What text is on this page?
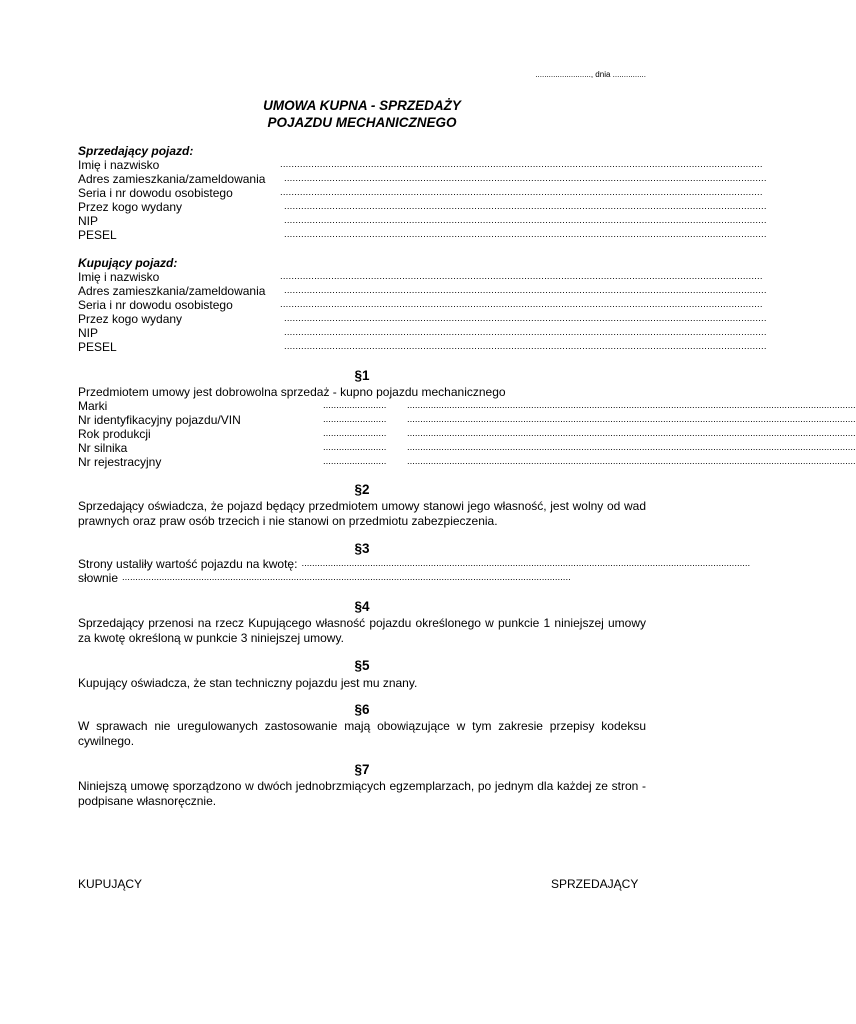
........................., dnia ...............
UMOWA KUPNA - SPRZEDAŻY
POJAZDU MECHANICZNEGO
Sprzedający pojazd:
Imię i nazwisko	..........................................................................................................................................................................
Adres zamieszkania/zameldowania	..........................................................................................................................................................................
Seria i nr dowodu osobistego	..........................................................................................................................................................................
Przez kogo wydany	..........................................................................................................................................................................
NIP	..........................................................................................................................................................................
PESEL	..........................................................................................................................................................................
Kupujący pojazd:
Imię i nazwisko	..........................................................................................................................................................................
Adres zamieszkania/zameldowania	..........................................................................................................................................................................
Seria i nr dowodu osobistego	..........................................................................................................................................................................
Przez kogo wydany	..........................................................................................................................................................................
NIP	..........................................................................................................................................................................
PESEL	..........................................................................................................................................................................
§1
Przedmiotem umowy jest dobrowolna sprzedaż - kupno pojazdu mechanicznego
Marki	........................	..........................................................................................................................................................................
Nr identyfikacyjny pojazdu/VIN	........................	..........................................................................................................................................................................
Rok produkcji	........................	..........................................................................................................................................................................
Nr silnika	........................	..........................................................................................................................................................................
Nr rejestracyjny	........................	..........................................................................................................................................................................
§2
Sprzedający oświadcza, że pojazd będący przedmiotem umowy stanowi jego własność, jest wolny od wad prawnych oraz praw osób trzecich i nie stanowi on przedmiotu zabezpieczenia.
§3
Strony ustaliły wartość pojazdu na kwotę: ..........................................................................................................................................................................
słownie ..........................................................................................................................................................................
§4
Sprzedający przenosi na rzecz Kupującego własność pojazdu określonego w punkcie 1 niniejszej umowy za kwotę określoną w punkcie 3 niniejszej umowy.
§5
Kupujący oświadcza, że stan techniczny pojazdu jest mu znany.
§6
W sprawach nie uregulowanych zastosowanie mają obowiązujące w tym zakresie przepisy kodeksu cywilnego.
§7
Niniejszą umowę sporządzono w dwóch jednobrzmiących egzemplarzach, po jednym dla każdej ze stron - podpisane własnoręcznie.
KUPUJĄCY	SPRZEDAJĄCY
